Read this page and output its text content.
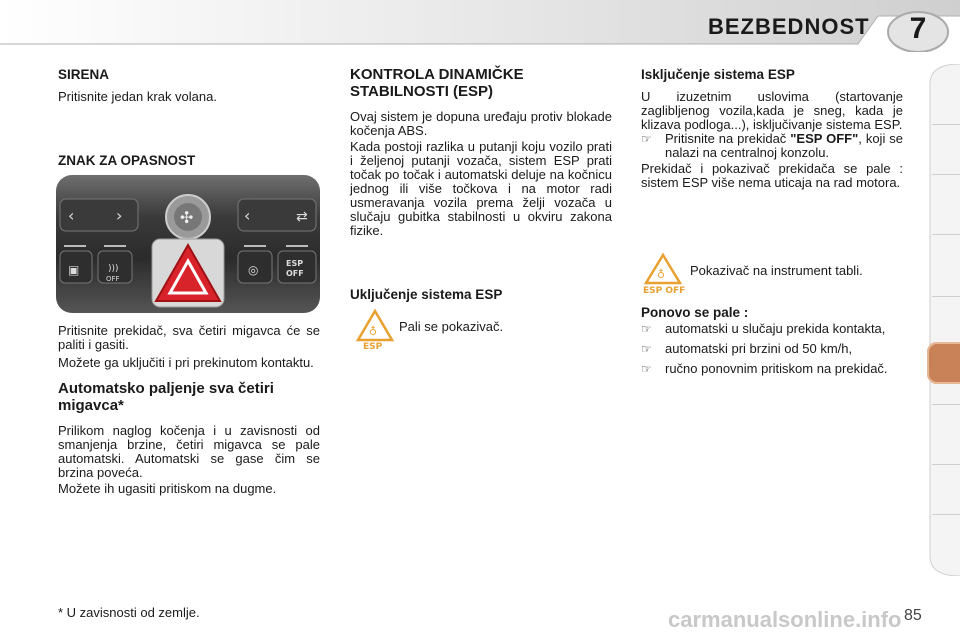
BEZBEDNOST 7
SIRENA

Pritisnite jedan krak volana.

ZNAK ZA OPASNOST
‹	›	✣	‹	⇄
▣	)))
OFF
◎	ESP
OFF

Pritisnite prekidač, sva četiri migavca će se paliti i gasiti.

Možete ga uključiti i pri prekinutom kontaktu.

Automatsko paljenje sva četiri migavca*

Prilikom naglog kočenja i u zavisnosti od smanjenja brzine, četiri migavca se pale automatski. Automatski se gase čim se brzina poveća.

Možete ih ugasiti pritiskom na dugme.

KONTROLA DINAMIČKE STABILNOSTI (ESP)

Ovaj sistem je dopuna uređaju protiv blokade kočenja ABS.

Kada postoji razlika u putanji koju vozilo prati i željenoj putanji vozača, sistem ESP prati točak po točak i automatski deluje na kočnicu jednog ili više točkova i na motor radi usmeravanja vozila prema želji vozača u slučaju gubitka stabilnosti u okviru zakona fizike.

Uključenje sistema ESP
♁
ESP
Pali se pokazivač.
Isključenje sistema ESP

U izuzetnim uslovima (startovanje zaglibljenog vozila,kada je sneg, kada je klizava podloga...), isključivanje sistema ESP.

☞	Pritisnite na prekidač "ESP OFF", koji se nalazi na centralnoj konzolu.

Prekidač i pokazivač prekidača se pale : sistem ESP više nema uticaja na rad motora.

♁
ESP OFF
Pokazivač na instrument tabli.
Ponovo se pale :
☞	automatski u slučaju prekida kontakta,
☞	automatski pri brzini od 50 km/h,
☞	ručno ponovnim pritiskom na prekidač.
* U zavisnosti od zemlje.	carmanualsonline.info 85
